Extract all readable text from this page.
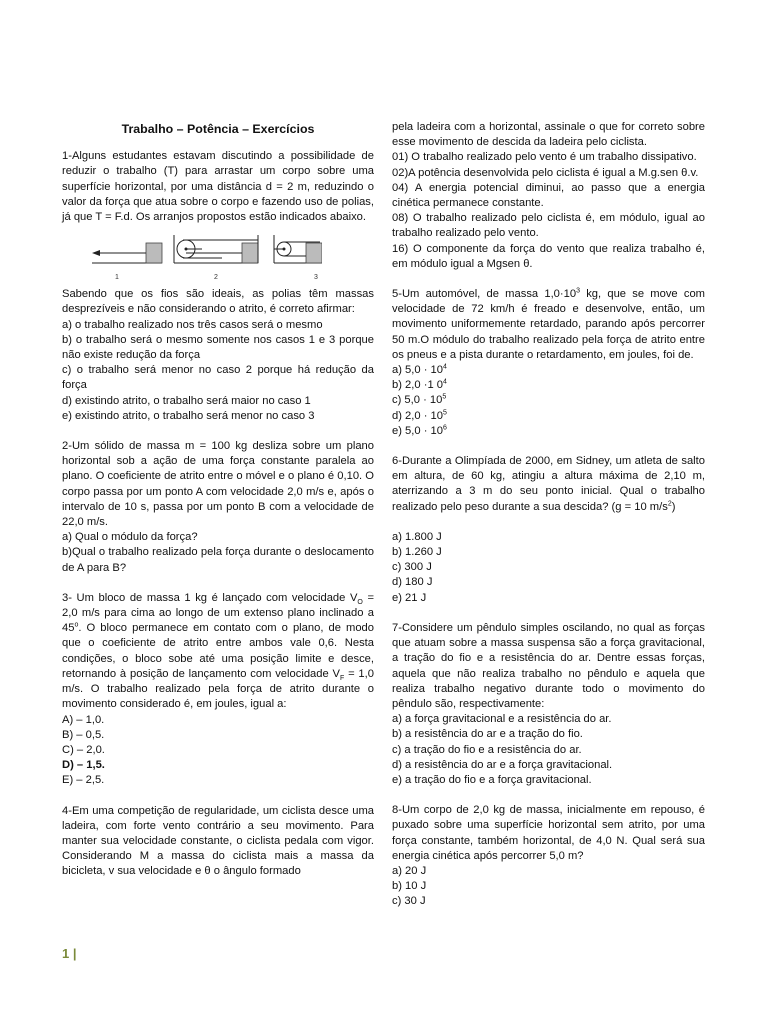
Trabalho – Potência – Exercícios

1-Alguns estudantes estavam discutindo a possibilidade de reduzir o trabalho (T) para arrastar um corpo sobre uma superfície horizontal, por uma distância d = 2 m, reduzindo o valor da força que atua sobre o corpo e fazendo uso de polias, já que T = F.d. Os arranjos propostos estão indicados abaixo.

1	2	3

Sabendo que os fios são ideais, as polias têm massas desprezíveis e não considerando o atrito, é correto afirmar:

a) o trabalho realizado nos três casos será o mesmo

b) o trabalho será o mesmo somente nos casos 1 e 3 porque não existe redução da força

c) o trabalho será menor no caso 2 porque há redução da força

d) existindo atrito, o trabalho será maior no caso 1

e) existindo atrito, o trabalho será menor no caso 3

2-Um sólido de massa m = 100 kg desliza sobre um plano horizontal sob a ação de uma força constante paralela ao plano. O coeficiente de atrito entre o móvel e o plano é 0,10. O corpo passa por um ponto A com velocidade 2,0 m/s e, após o intervalo de 10 s, passa por um ponto B com a velocidade de 22,0 m/s.

a) Qual o módulo da força?

b)Qual o trabalho realizado pela força durante o deslocamento de A para B?

3- Um bloco de massa 1 kg é lançado com velocidade $V_O = 2,0$ m/s para cima ao longo de um extenso plano inclinado a 45$^o$. O bloco permanece em contato com o plano, de modo que o coeficiente de atrito entre ambos vale 0,6. Nesta condições, o bloco sobe até uma posição limite e desce, retornando à posição de lançamento com velocidade $V_F = 1,0$ m/s. O trabalho realizado pela força de atrito durante o movimento considerado é, em joules, igual a:

A) – 1,0.

B) – 0,5.

C) – 2,0.

D) – 1,5.

E) – 2,5.

4-Em uma competição de regularidade, um ciclista desce uma ladeira, com forte vento contrário a seu movimento. Para manter sua velocidade constante, o ciclista pedala com vigor. Considerando M a massa do ciclista mais a massa da bicicleta, v sua velocidade e θ o ângulo formado

pela ladeira com a horizontal, assinale o que for correto sobre esse movimento de descida da ladeira pelo ciclista.

01) O trabalho realizado pelo vento é um trabalho dissipativo.

02)A potência desenvolvida pelo ciclista é igual a M.g.sen θ.v.

04) A energia potencial diminui, ao passo que a energia cinética permanece constante.

08) O trabalho realizado pelo ciclista é, em módulo, igual ao trabalho realizado pelo vento.

16) O componente da força do vento que realiza trabalho é, em módulo igual a Mgsen θ.

5-Um automóvel, de massa $1,0\cdot 10^3$ kg, que se move com velocidade de 72 km/h é freado e desenvolve, então, um movimento uniformemente retardado, parando após percorrer 50 m.O módulo do trabalho realizado pela força de atrito entre os pneus e a pista durante o retardamento, em joules, foi de.

a) $5,0 \cdot 10^4$

b) 2,0 ·1 $0^4$

c) $5,0 \cdot 10^5$

d) $2,0 \cdot 10^5$

e) $5,0 \cdot 10^6$

6-Durante a Olimpíada de 2000, em Sidney, um atleta de salto em altura, de 60 kg, atingiu a altura máxima de 2,10 m, aterrizando a 3 m do seu ponto inicial. Qual o trabalho realizado pelo peso durante a sua descida? (g = 10 $m/s^2$)

a) 1.800 J

b) 1.260 J

c) 300 J

d) 180 J

e) 21 J

7-Considere um pêndulo simples oscilando, no qual as forças que atuam sobre a massa suspensa são a força gravitacional, a tração do fio e a resistência do ar. Dentre essas forças, aquela que não realiza trabalho no pêndulo e aquela que realiza trabalho negativo durante todo o movimento do pêndulo são, respectivamente:

a) a força gravitacional e a resistência do ar.

b) a resistência do ar e a tração do fio.

c) a tração do fio e a resistência do ar.

d) a resistência do ar e a força gravitacional.

e) a tração do fio e a força gravitacional.

8-Um corpo de 2,0 kg de massa, inicialmente em repouso, é puxado sobre uma superfície horizontal sem atrito, por uma força constante, também horizontal, de 4,0 N. Qual será sua energia cinética após percorrer 5,0 m?

a) 20 J

b) 10 J

c) 30 J

1 |
